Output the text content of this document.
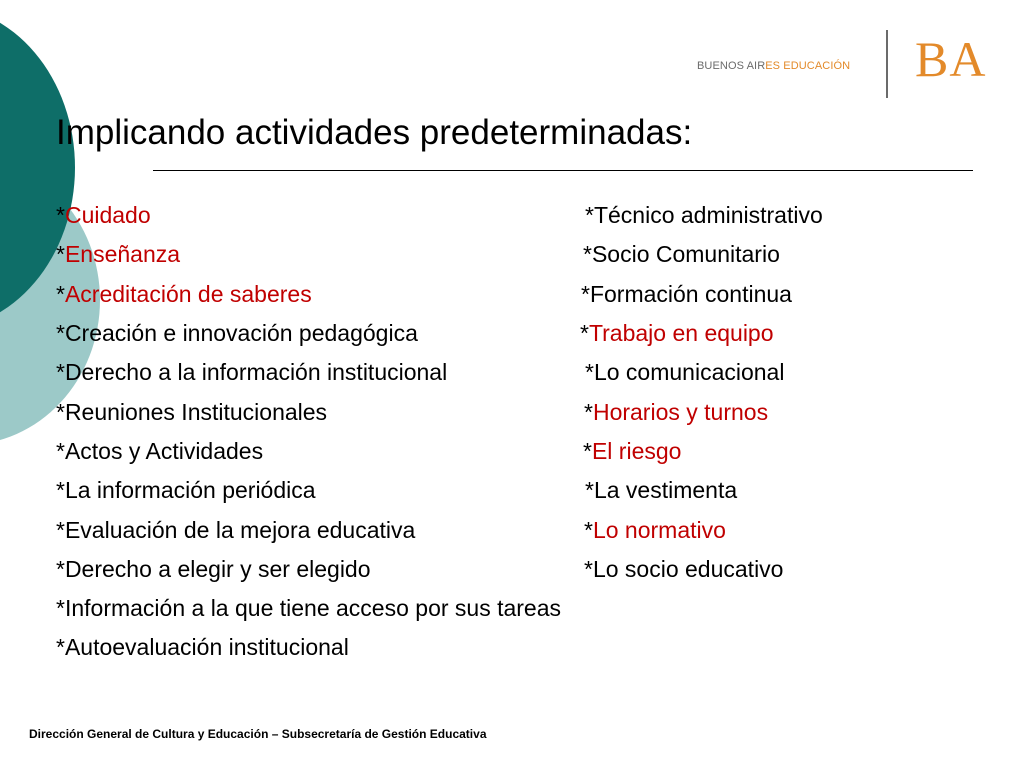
BUENOS AIRES EDUCACIÓN BA
Implicando actividades predeterminadas:
*Cuidado
*Enseñanza
*Acreditación de saberes
*Creación e innovación pedagógica
*Derecho a la información institucional
*Reuniones Institucionales
*Actos y Actividades
*La información periódica
*Evaluación de la mejora educativa
*Derecho a elegir y ser elegido
*Información a la que tiene acceso por sus tareas
*Autoevaluación institucional
*Técnico administrativo
*Socio Comunitario
*Formación continua
*Trabajo en equipo
*Lo comunicacional
*Horarios y turnos
*El riesgo
*La vestimenta
*Lo normativo
*Lo socio educativo
Dirección General de Cultura y Educación – Subsecretaría de Gestión Educativa
